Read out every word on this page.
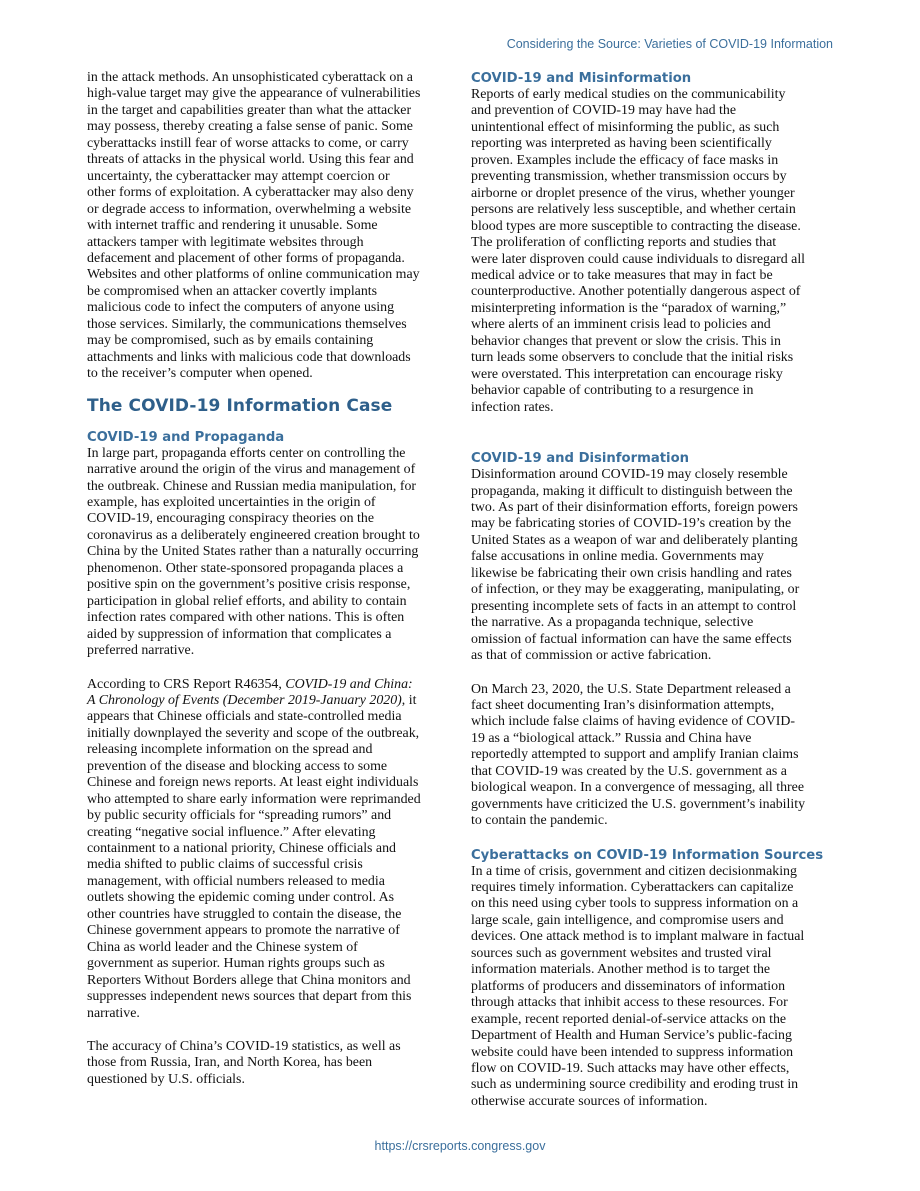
Considering the Source: Varieties of COVID-19 Information

in the attack methods. An unsophisticated cyberattack on a
high-value target may give the appearance of vulnerabilities
in the target and capabilities greater than what the attacker
may possess, thereby creating a false sense of panic. Some
cyberattacks instill fear of worse attacks to come, or carry
threats of attacks in the physical world. Using this fear and
uncertainty, the cyberattacker may attempt coercion or
other forms of exploitation. A cyberattacker may also deny
or degrade access to information, overwhelming a website
with internet traffic and rendering it unusable. Some
attackers tamper with legitimate websites through
defacement and placement of other forms of propaganda.
Websites and other platforms of online communication may
be compromised when an attacker covertly implants
malicious code to infect the computers of anyone using
those services. Similarly, the communications themselves
may be compromised, such as by emails containing
attachments and links with malicious code that downloads
to the receiver’s computer when opened.

The COVID-19 Information Case
COVID-19 and Propaganda

In large part, propaganda efforts center on controlling the
narrative around the origin of the virus and management of
the outbreak. Chinese and Russian media manipulation, for
example, has exploited uncertainties in the origin of
COVID-19, encouraging conspiracy theories on the
coronavirus as a deliberately engineered creation brought to
China by the United States rather than a naturally occurring
phenomenon. Other state-sponsored propaganda places a
positive spin on the government’s positive crisis response,
participation in global relief efforts, and ability to contain
infection rates compared with other nations. This is often
aided by suppression of information that complicates a
preferred narrative.

According to CRS Report R46354, COVID-19 and China:
A Chronology of Events (December 2019-January 2020), it
appears that Chinese officials and state-controlled media
initially downplayed the severity and scope of the outbreak,
releasing incomplete information on the spread and
prevention of the disease and blocking access to some
Chinese and foreign news reports. At least eight individuals
who attempted to share early information were reprimanded
by public security officials for “spreading rumors” and
creating “negative social influence.” After elevating
containment to a national priority, Chinese officials and
media shifted to public claims of successful crisis
management, with official numbers released to media
outlets showing the epidemic coming under control. As
other countries have struggled to contain the disease, the
Chinese government appears to promote the narrative of
China as world leader and the Chinese system of
government as superior. Human rights groups such as
Reporters Without Borders allege that China monitors and
suppresses independent news sources that depart from this
narrative.

The accuracy of China’s COVID-19 statistics, as well as
those from Russia, Iran, and North Korea, has been
questioned by U.S. officials.

COVID-19 and Misinformation

Reports of early medical studies on the communicability
and prevention of COVID-19 may have had the
unintentional effect of misinforming the public, as such
reporting was interpreted as having been scientifically
proven. Examples include the efficacy of face masks in
preventing transmission, whether transmission occurs by
airborne or droplet presence of the virus, whether younger
persons are relatively less susceptible, and whether certain
blood types are more susceptible to contracting the disease.
The proliferation of conflicting reports and studies that
were later disproven could cause individuals to disregard all
medical advice or to take measures that may in fact be
counterproductive. Another potentially dangerous aspect of
misinterpreting information is the “paradox of warning,”
where alerts of an imminent crisis lead to policies and
behavior changes that prevent or slow the crisis. This in
turn leads some observers to conclude that the initial risks
were overstated. This interpretation can encourage risky
behavior capable of contributing to a resurgence in
infection rates.

COVID-19 and Disinformation

Disinformation around COVID-19 may closely resemble
propaganda, making it difficult to distinguish between the
two. As part of their disinformation efforts, foreign powers
may be fabricating stories of COVID-19’s creation by the
United States as a weapon of war and deliberately planting
false accusations in online media. Governments may
likewise be fabricating their own crisis handling and rates
of infection, or they may be exaggerating, manipulating, or
presenting incomplete sets of facts in an attempt to control
the narrative. As a propaganda technique, selective
omission of factual information can have the same effects
as that of commission or active fabrication.

On March 23, 2020, the U.S. State Department released a
fact sheet documenting Iran’s disinformation attempts,
which include false claims of having evidence of COVID-
19 as a “biological attack.” Russia and China have
reportedly attempted to support and amplify Iranian claims
that COVID-19 was created by the U.S. government as a
biological weapon. In a convergence of messaging, all three
governments have criticized the U.S. government’s inability
to contain the pandemic.

Cyberattacks on COVID-19 Information Sources

In a time of crisis, government and citizen decisionmaking
requires timely information. Cyberattackers can capitalize
on this need using cyber tools to suppress information on a
large scale, gain intelligence, and compromise users and
devices. One attack method is to implant malware in factual
sources such as government websites and trusted viral
information materials. Another method is to target the
platforms of producers and disseminators of information
through attacks that inhibit access to these resources. For
example, recent reported denial-of-service attacks on the
Department of Health and Human Service’s public-facing
website could have been intended to suppress information
flow on COVID-19. Such attacks may have other effects,
such as undermining source credibility and eroding trust in
otherwise accurate sources of information.

https://crsreports.congress.gov
